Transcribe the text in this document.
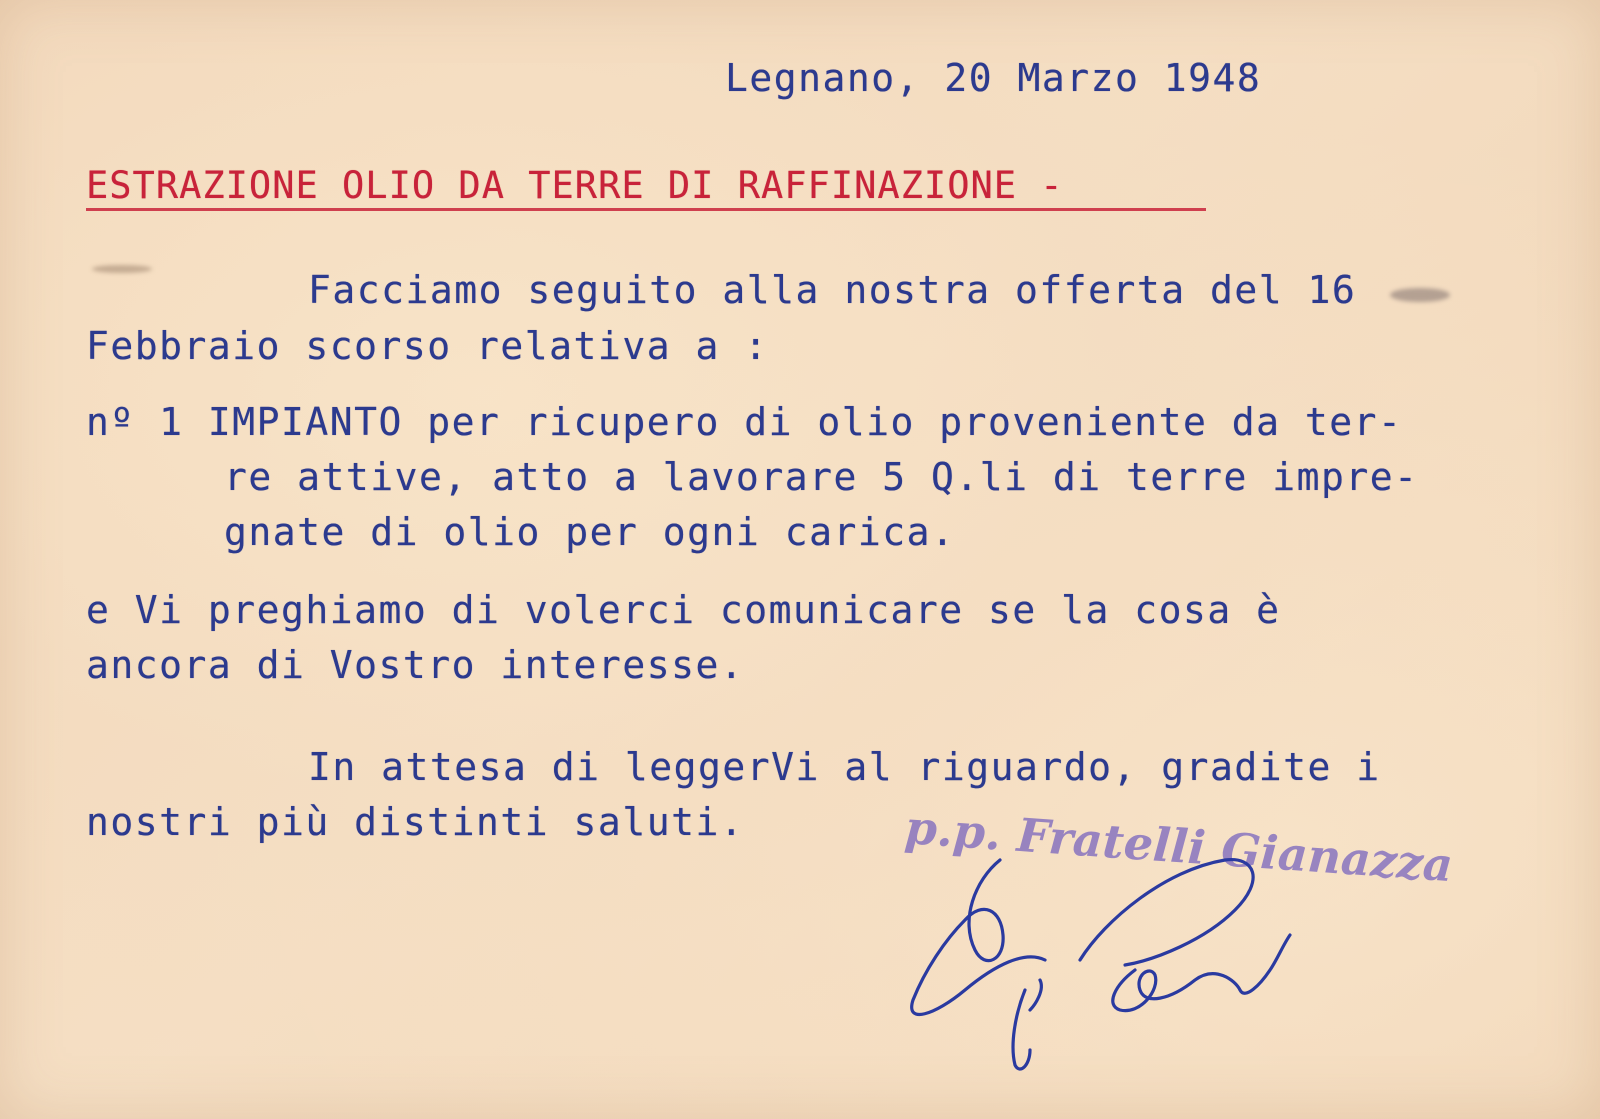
Legnano, 20 Marzo 1948
ESTRAZIONE OLIO DA TERRE DI RAFFINAZIONE -
Facciamo seguito alla nostra offerta del 16
Febbraio scorso relativa a :
nº 1 IMPIANTO per ricupero di olio proveniente da ter-
re attive, atto a lavorare 5 Q.li di terre impre-
gnate di olio per ogni carica.
e Vi preghiamo di volerci comunicare se la cosa è
ancora di Vostro interesse.
In attesa di leggerVi al riguardo, gradite i
nostri più distinti saluti.	p.p. Fratelli Gianazza
